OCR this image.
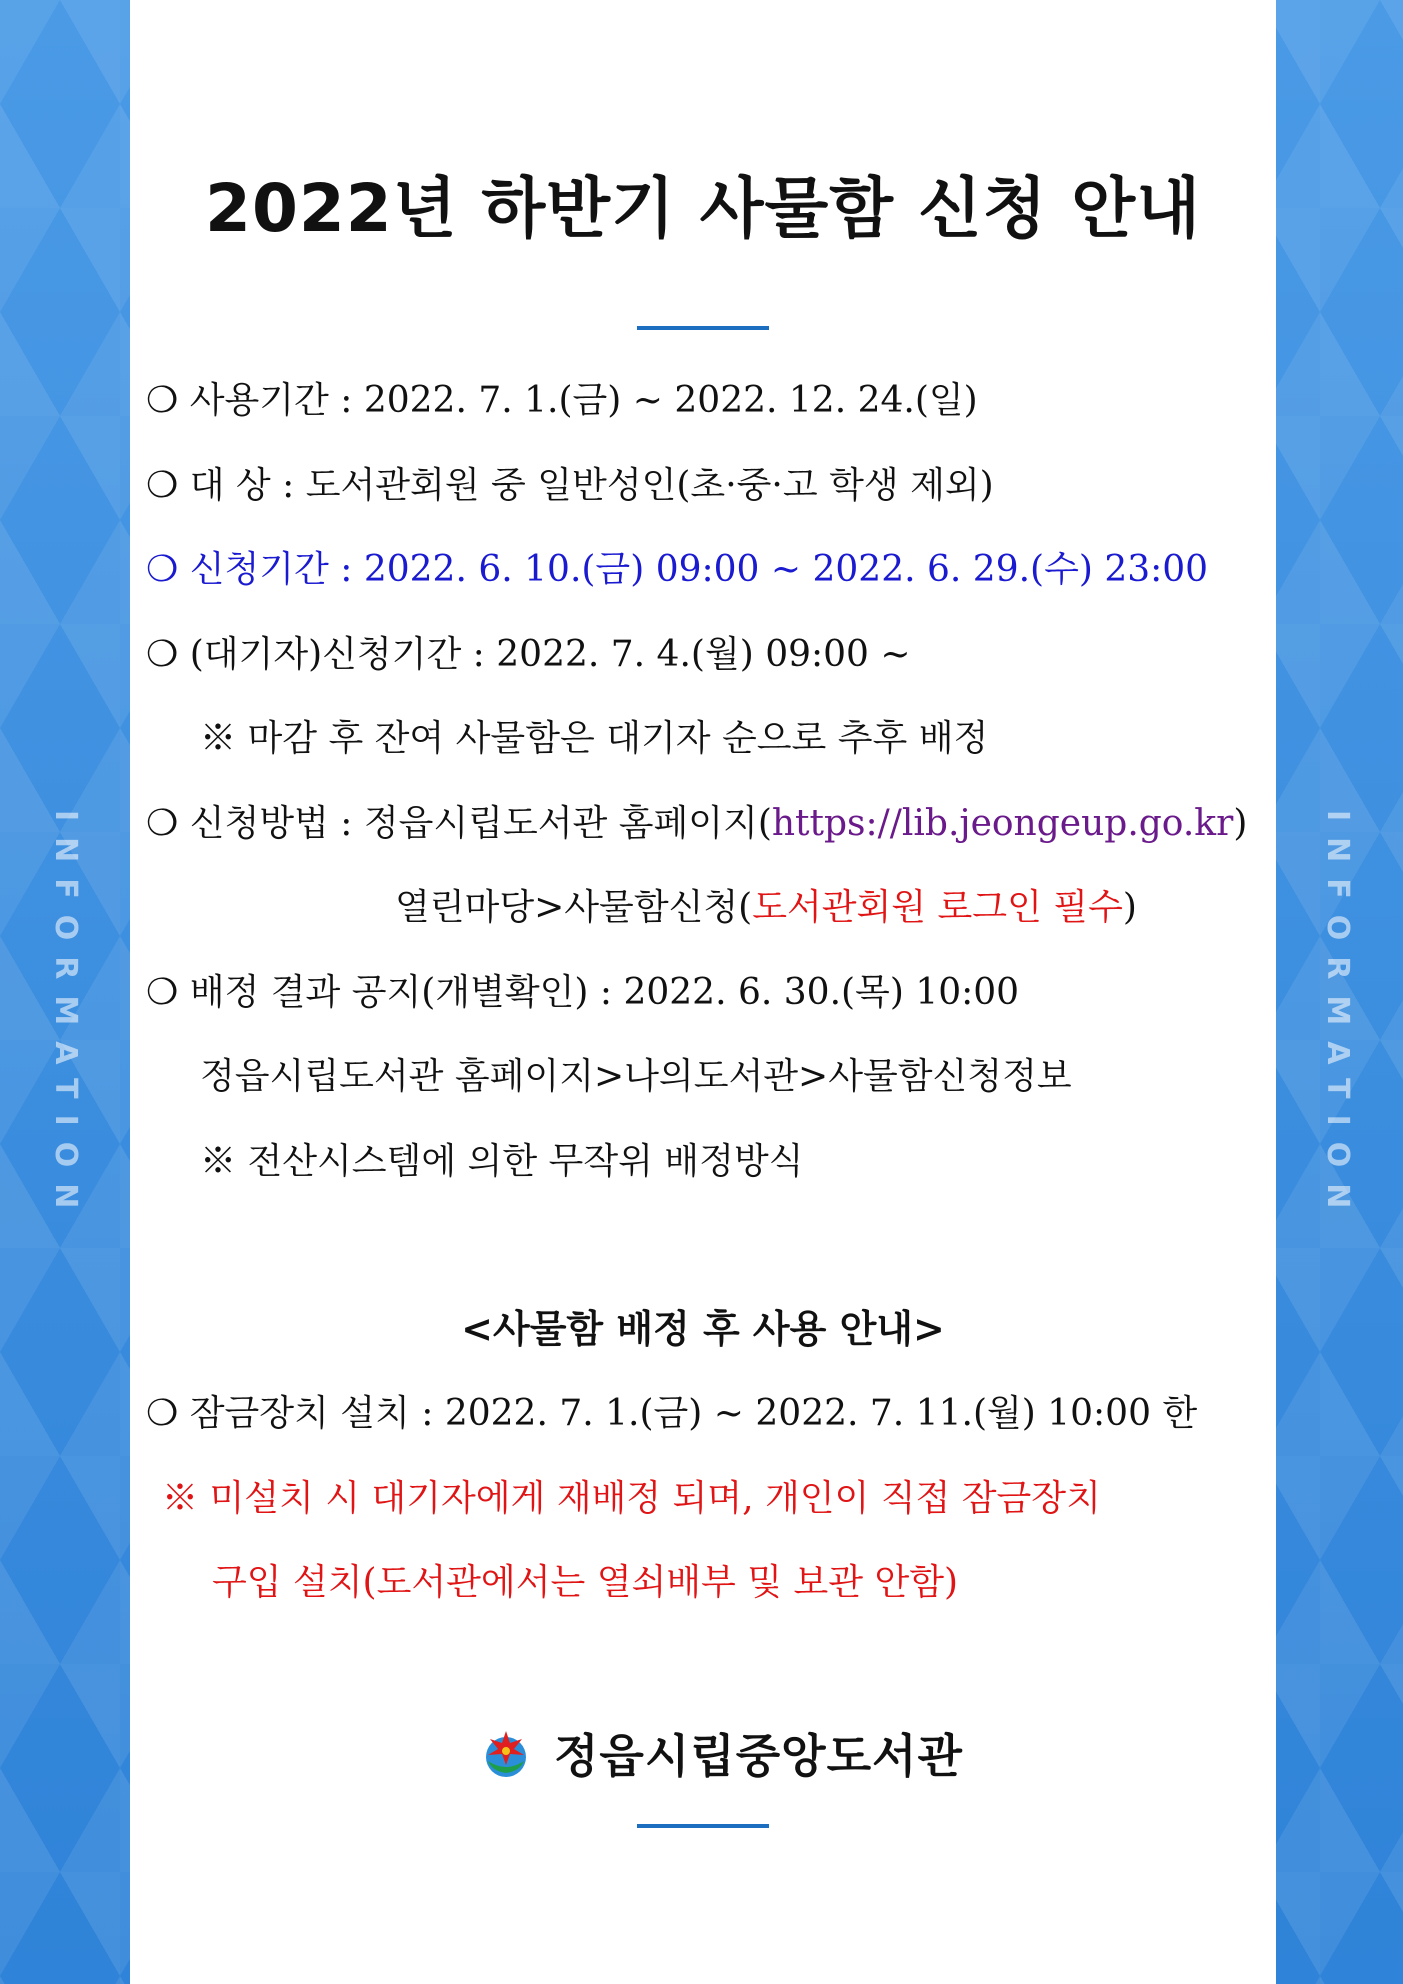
INFORMATION	INFORMATION
2022년 하반기 사물함 신청 안내
❍ 사용기간 : 2022. 7. 1.(금) ~ 2022. 12. 24.(일)
❍ 대 상 : 도서관회원 중 일반성인(초·중·고 학생 제외)
❍ 신청기간 : 2022. 6. 10.(금) 09:00 ~ 2022. 6. 29.(수) 23:00
❍ (대기자)신청기간 : 2022. 7. 4.(월) 09:00 ~
※ 마감 후 잔여 사물함은 대기자 순으로 추후 배정
❍ 신청방법 : 정읍시립도서관 홈페이지(https://lib.jeongeup.go.kr)
열린마당>사물함신청(도서관회원 로그인 필수)
❍ 배정 결과 공지(개별확인) : 2022. 6. 30.(목) 10:00
정읍시립도서관 홈페이지>나의도서관>사물함신청정보
※ 전산시스템에 의한 무작위 배정방식
<사물함 배정 후 사용 안내>
❍ 잠금장치 설치 : 2022. 7. 1.(금) ~ 2022. 7. 11.(월) 10:00 한
※ 미설치 시 대기자에게 재배정 되며, 개인이 직접 잠금장치
구입 설치(도서관에서는 열쇠배부 및 보관 안함)
정읍시립중앙도서관
